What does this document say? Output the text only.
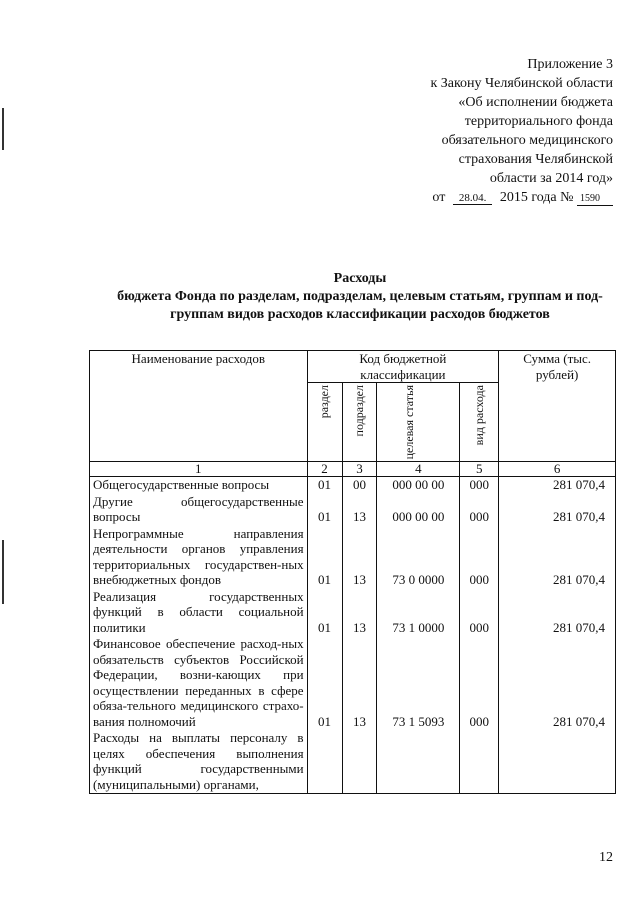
Приложение 3
к Закону Челябинской области
«Об исполнении бюджета
территориального фонда
обязательного медицинского
страхования Челябинской
области за 2014 год»
от 28.04. 2015 года № 1590
Расходы
бюджета Фонда по разделам, подразделам, целевым статьям, группам и под-
группам видов расходов классификации расходов бюджетов
Наименование расходов	Код бюджетной классификации				Сумма (тыс. рублей)

	раздел	подраздел	целевая статья	вид расхода	

1	2	3	4	5	6
Общегосударственные вопросы	01	00	000 00 00	000	281 070,4
Другие общегосударственные вопросы	01	13	000 00 00	000	281 070,4
Непрограммные направления деятельности органов управления территориальных государствен-ных внебюджетных фондов	01	13	73 0 0000	000	281 070,4
Реализация государственных функций в области социальной политики	01	13	73 1 0000	000	281 070,4
Финансовое обеспечение расход-ных обязательств субъектов Российской Федерации, возни-кающих при осуществлении переданных в сфере обяза-тельного медицинского страхо-вания полномочий	01	13	73 1 5093	000	281 070,4
Расходы на выплаты персоналу в целях обеспечения выполнения функций государственными (муниципальными) органами,					
12
